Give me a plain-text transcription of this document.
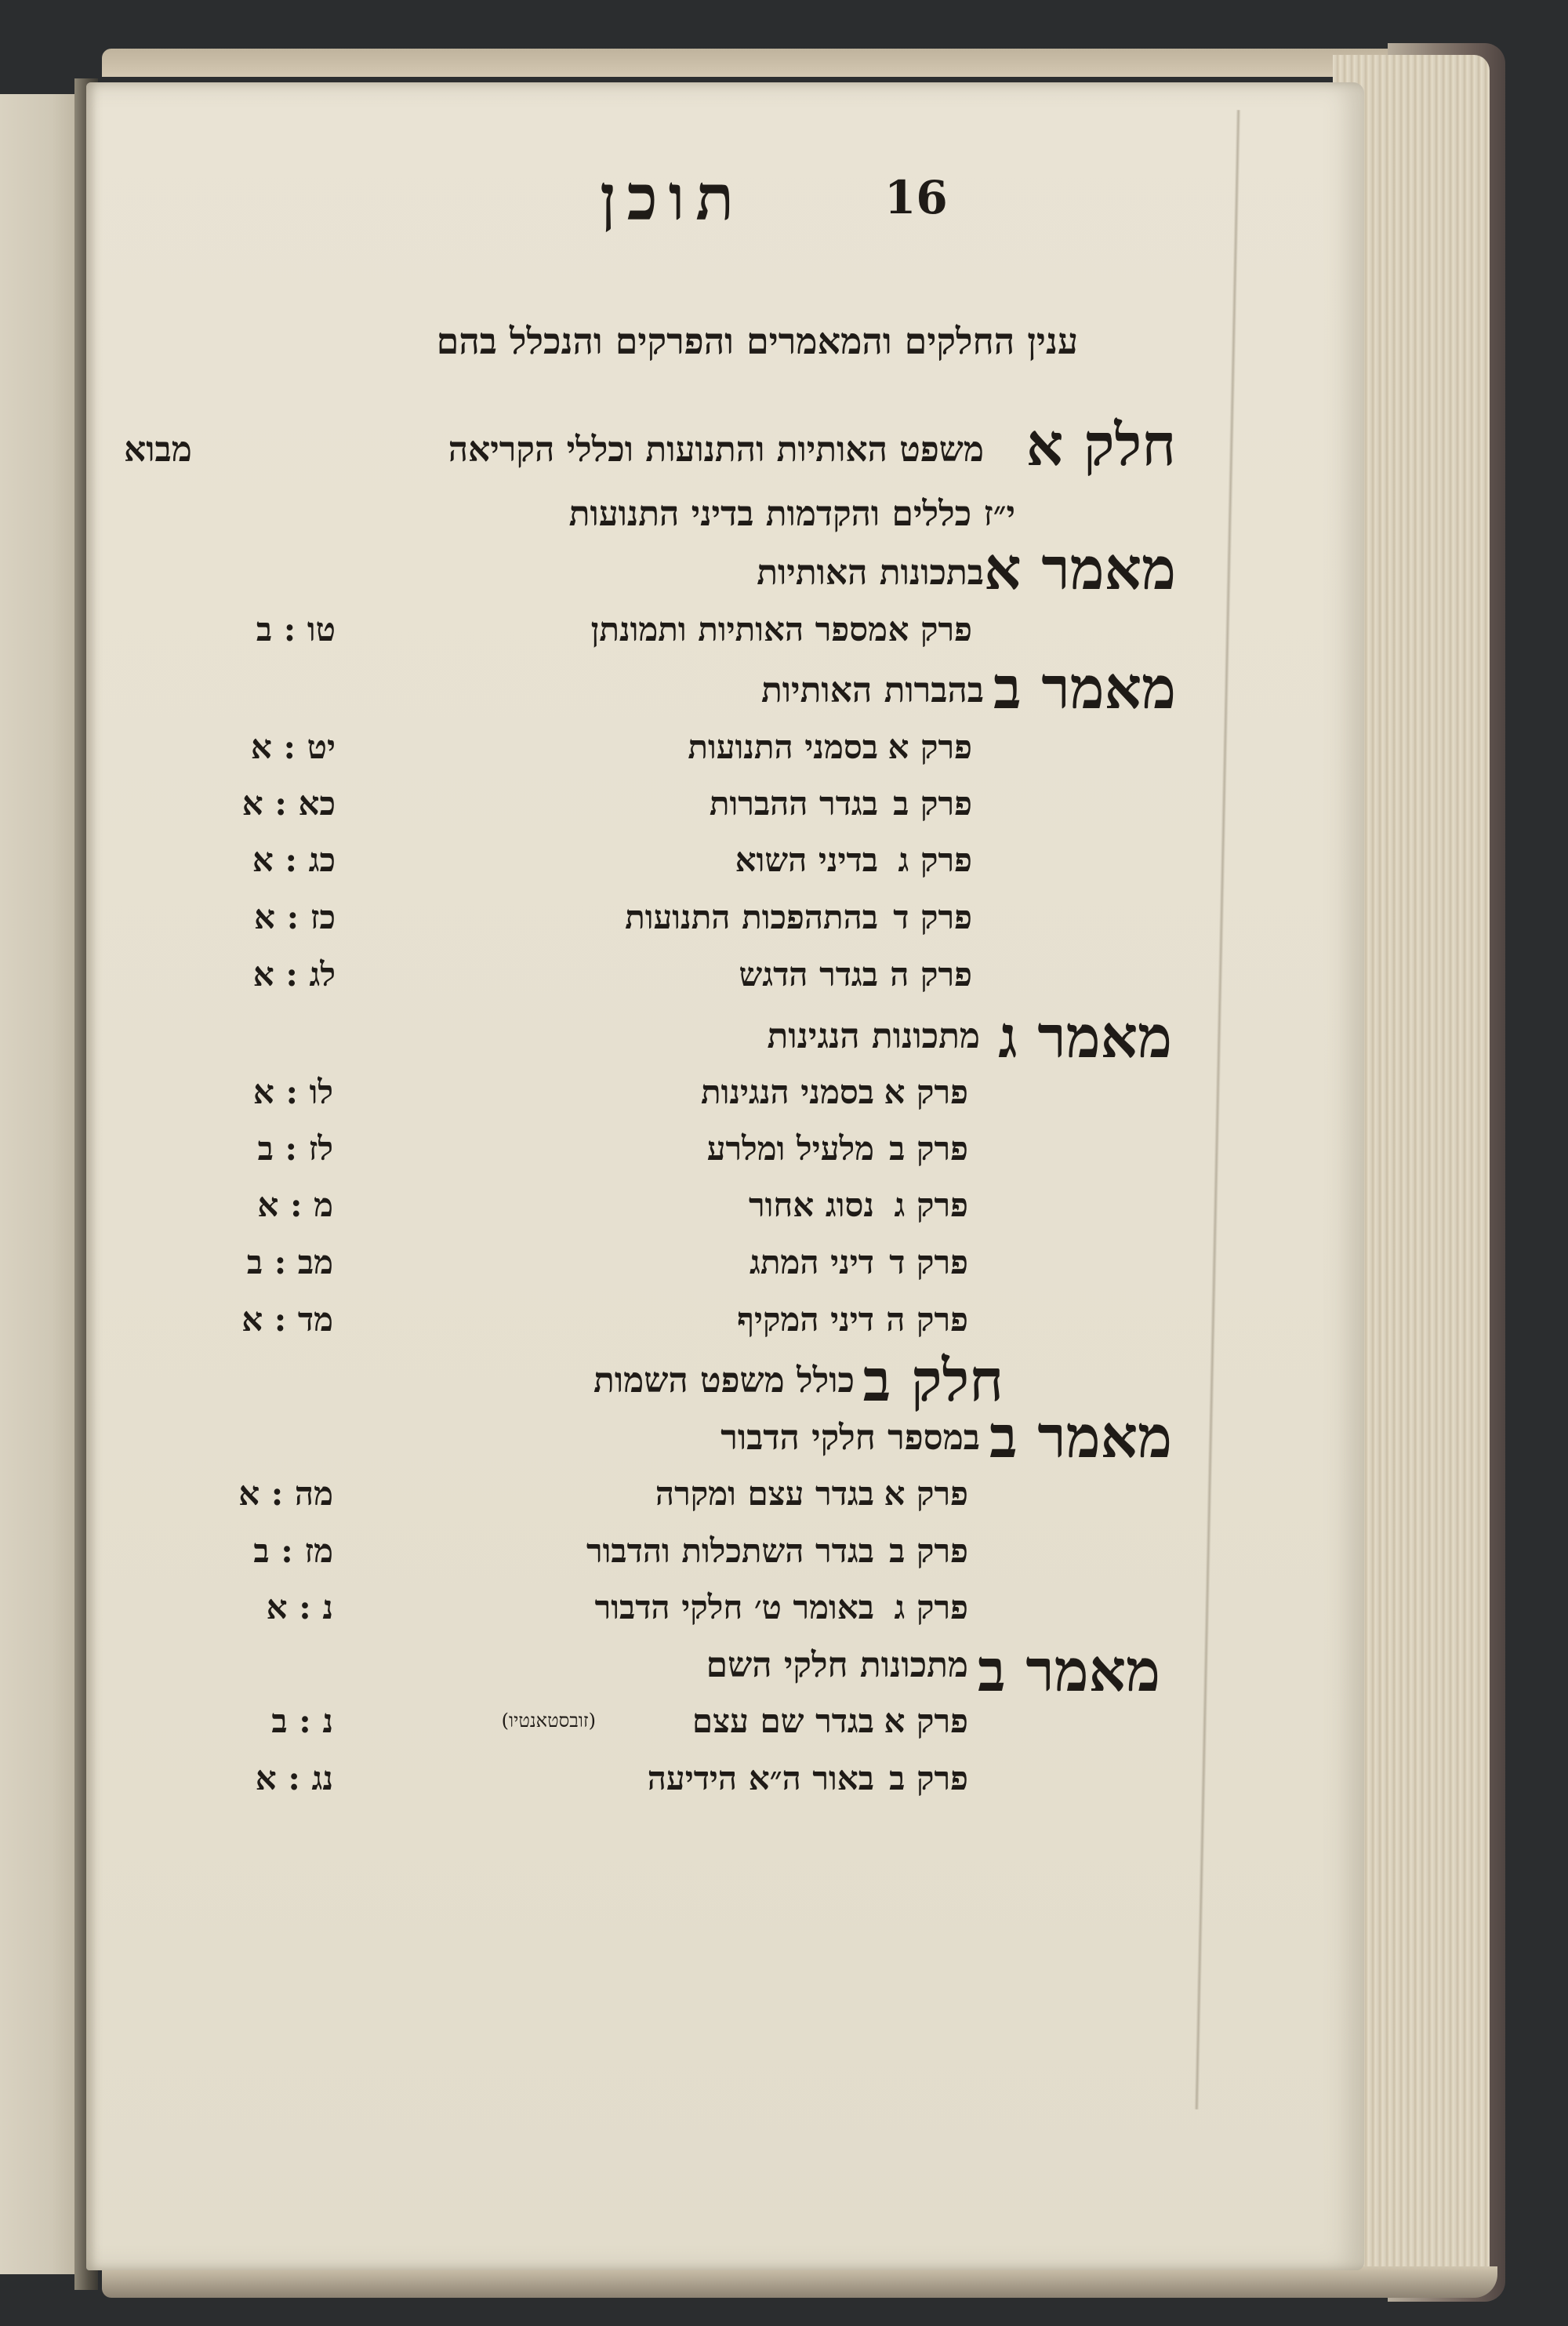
תוכן	16
ענין החלקים והמאמרים והפרקים והנכלל בהם
חלק א
משפט האותיות והתנועות וכללי הקריאה
מבוא
י״ז כללים והקדמות בדיני התנועות
מאמר א
בתכונות האותיות
פרק א
מספר האותיות ותמונתן
טו : ב
מאמר ב
בהברות האותיות
פרק א
בסמני התנועות
יט : א
פרק ב
בגדר ההברות
כא : א
פרק ג
בדיני השוא
כג : א
פרק ד
בהתהפכות התנועות
כז : א
פרק ה
בגדר הדגש
לג : א
מאמר ג
מתכונות הנגינות
פרק א
בסמני הנגינות
לו : א
פרק ב
מלעיל ומלרע
לז : ב
פרק ג
נסוג אחור
מ : א
פרק ד
דיני המתג
מב : ב
פרק ה
דיני המקיף
מד : א
חלק ב
כולל משפט השמות
מאמר ב
במספר חלקי הדבור
פרק א
בגדר עצם ומקרה
מה : א
פרק ב
בגדר השתכלות והדבור
מז : ב
פרק ג
באומר ט׳ חלקי הדבור
נ : א
מאמר ב
מתכונות חלקי השם
פרק א
בגדר שם עצם
(זובסטאנטיו)
נ : ב
פרק ב
באור ה״א הידיעה
נג : א
